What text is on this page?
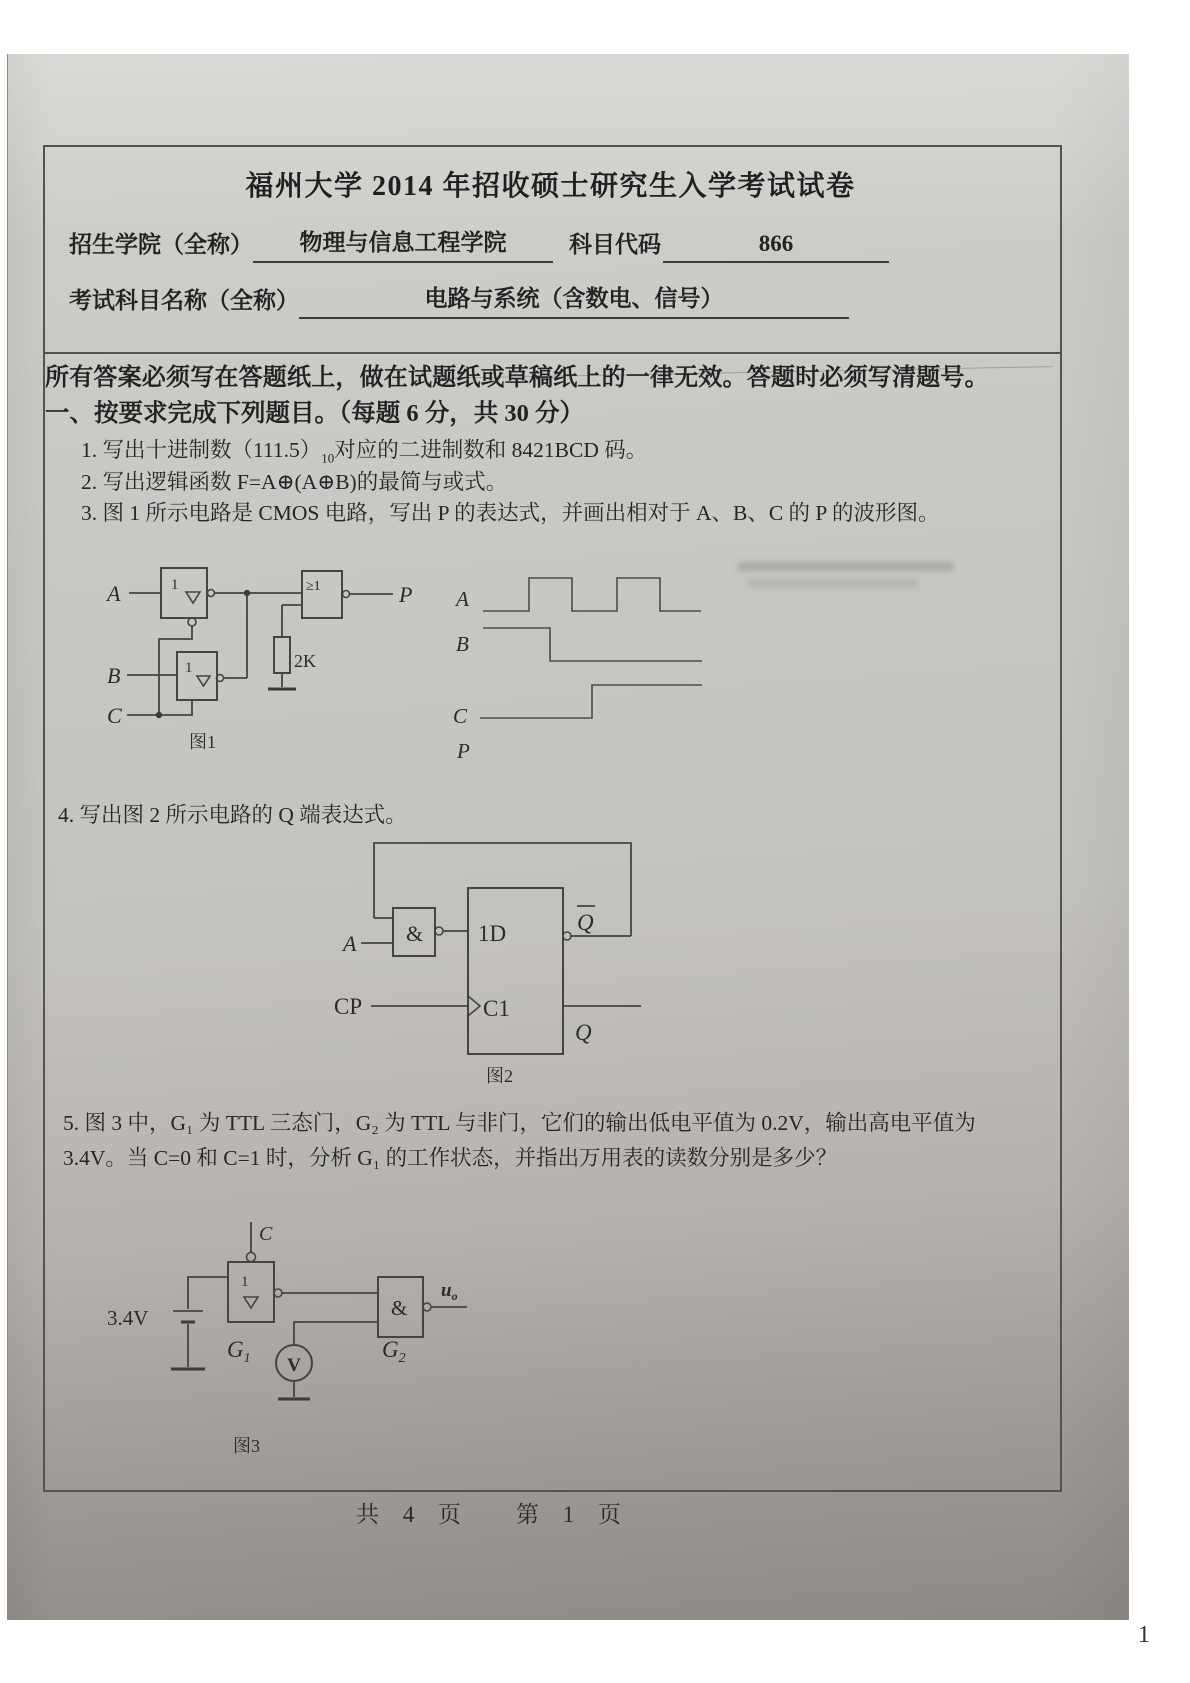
福州大学 2014 年招收硕士研究生入学考试试卷
招生学院（全称）	物理与信息工程学院	科目代码	866
考试科目名称（全称）	电路与系统（含数电、信号）
所有答案必须写在答题纸上，做在试题纸或草稿纸上的一律无效。答题时必须写清题号。
一、按要求完成下列题目。（每题 6 分，共 30 分）
1. 写出十进制数$(111.5)_{10}$对应的二进制数和 8421BCD 码。
2. 写出逻辑函数 F=A⊕(A⊕B)的最简与或式。
3. 图 1 所示电路是 CMOS 电路，写出 P 的表达式，并画出相对于 A、B、C 的 P 的波形图。
A	1
1
B
C
2K
≥1	P A
B
C
P
图1
4. 写出图 2 所示电路的 Q 端表达式。
&
A	1D
C1
CP
Q
Q
图2
5. 图 3 中，G₁ 为 TTL 三态门，G₂ 为 TTL 与非门，它们的输出低电平值为 0.2V，输出高电平值为
3.4V。当 C=0 和 C=1 时，分析 G₁ 的工作状态，并指出万用表的读数分别是多少？
C
1
3.4V
$G_1$
&
$u_o$
V
$G_2$
图3
共 4 页 第 1 页
1
